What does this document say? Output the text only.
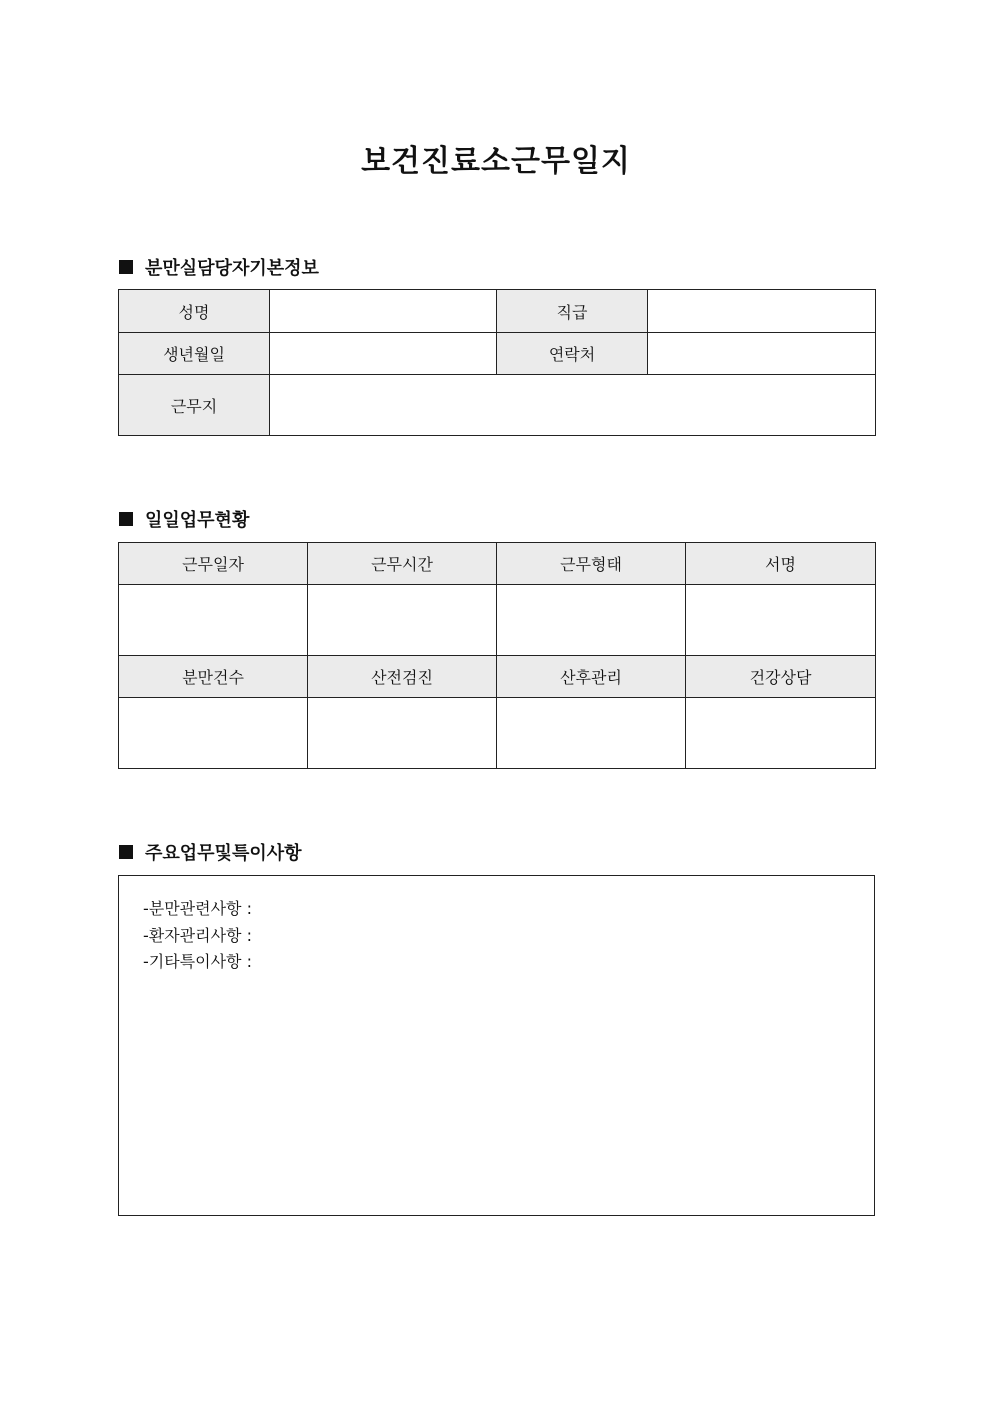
보건진료소근무일지
분만실담당자기본정보
성명		직급	
생년월일		연락처	
근무지			
일일업무현황
근무일자	근무시간	근무형태	서명

분만건수	산전검진	산후관리	건강상담

주요업무및특이사항
-분만관련사항 :
-환자관리사항 :
-기타특이사항 :
